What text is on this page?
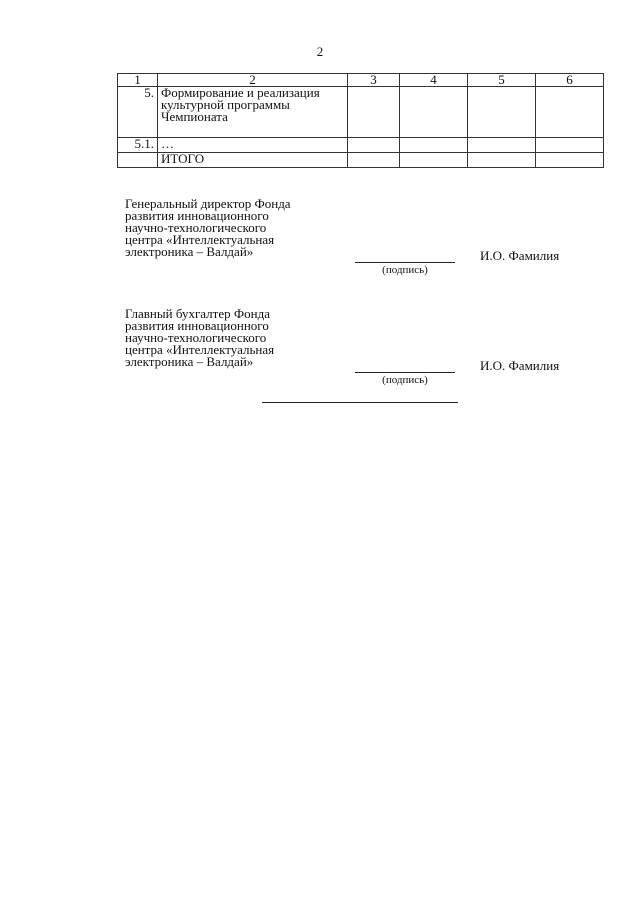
2
1	2	3	4	5	6
5.	Формирование и реализация культурной программы Чемпионата				
5.1.	…				
	ИТОГО				
Генеральный директор Фонда
развития инновационного
научно-технологического
центра «Интеллектуальная
электроника – Валдай»
(подпись)
И.О. Фамилия
Главный бухгалтер Фонда
развития инновационного
научно-технологического
центра «Интеллектуальная
электроника – Валдай»
(подпись)
И.О. Фамилия
